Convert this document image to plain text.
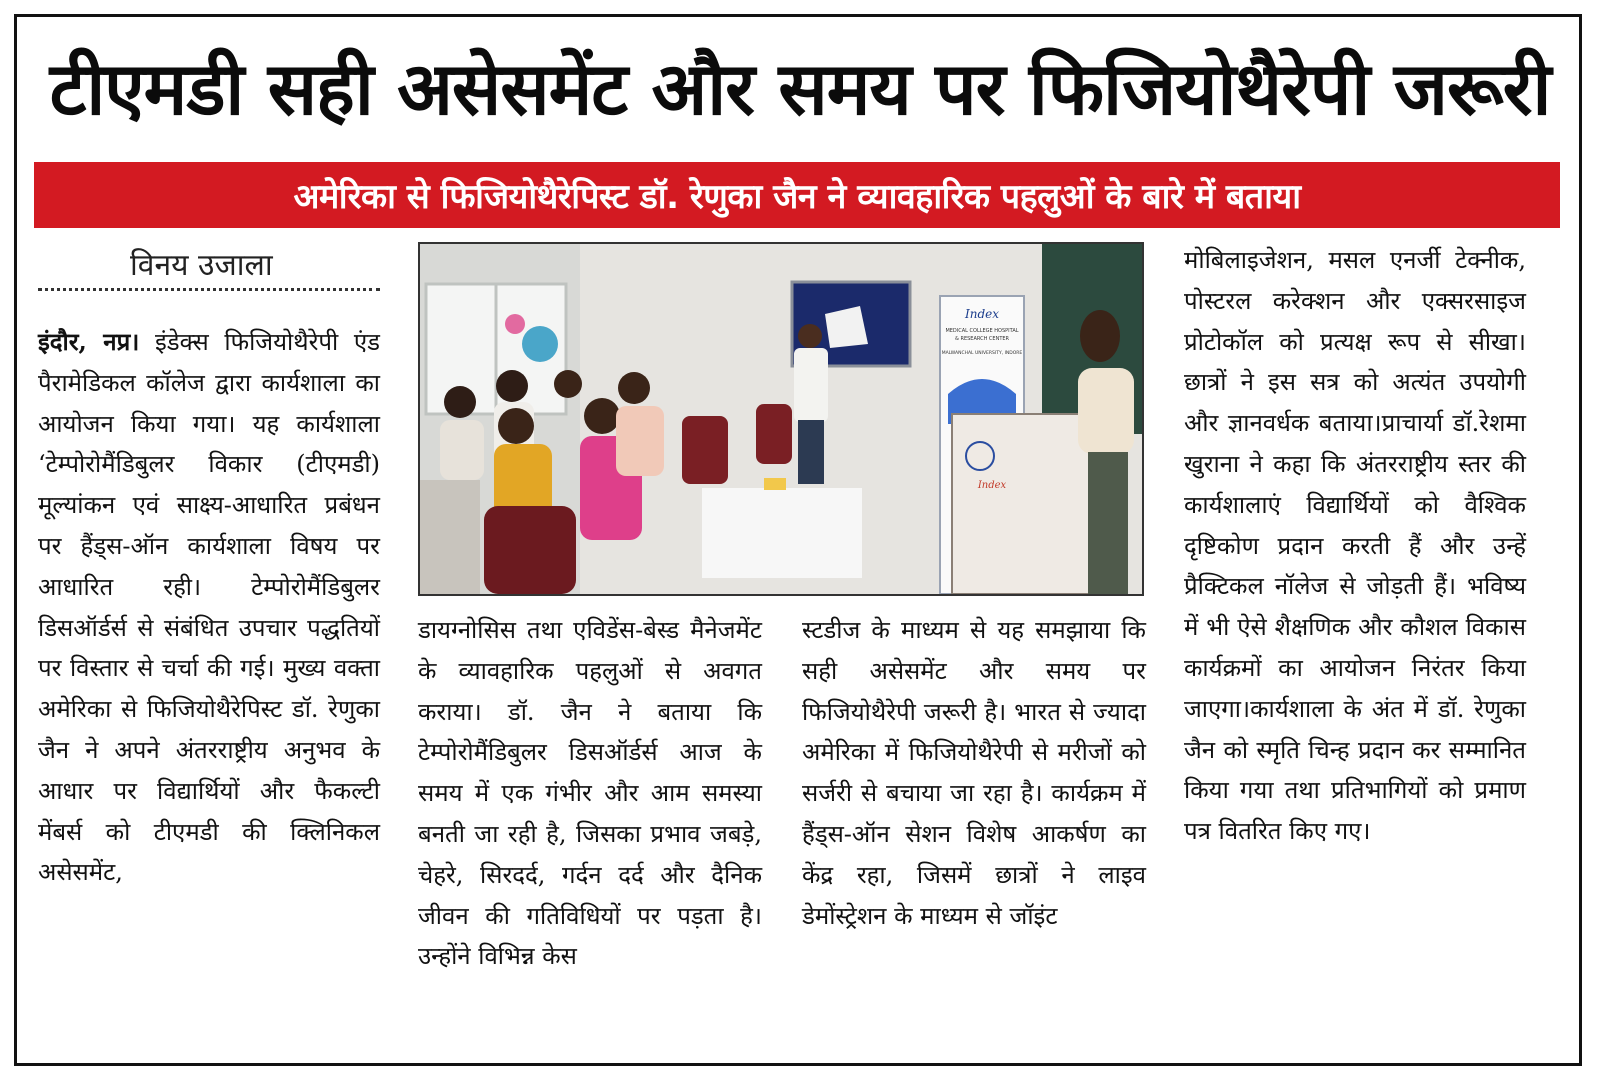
टीएमडी सही असेसमेंट और समय पर फिजियोथैरेपी जरूरी
अमेरिका से फिजियोथैरेपिस्ट डॉ. रेणुका जैन ने व्यावहारिक पहलुओं के बारे में बताया
विनय उजाला

इंदौर, नप्र। इंडेक्स फिजियोथैरेपी एंड पैरामेडिकल कॉलेज द्वारा कार्यशाला का आयोजन किया गया। यह कार्यशाला ‘टेम्पोरोमैंडिबुलर विकार (टीएमडी) मूल्यांकन एवं साक्ष्य-आधारित प्रबंधन पर हैंड्स-ऑन कार्यशाला विषय पर आधारित रही। टेम्पोरोमैंडिबुलर डिसऑर्डर्स से संबंधित उपचार पद्धतियों पर विस्तार से चर्चा की गई। मुख्य वक्ता अमेरिका से फिजियोथैरेपिस्ट डॉ. रेणुका जैन ने अपने अंतरराष्ट्रीय अनुभव के आधार पर विद्यार्थियों और फैकल्टी मेंबर्स को टीएमडी की क्लिनिकल असेसमेंट,

Index
MEDICAL COLLEGE HOSPITAL
& RESEARCH CENTER
MALWANCHAL UNIVERSITY, INDORE
Index

डायग्नोसिस तथा एविडेंस-बेस्ड मैनेजमेंट के व्यावहारिक पहलुओं से अवगत कराया। डॉ. जैन ने बताया कि टेम्पोरोमैंडिबुलर डिसऑर्डर्स आज के समय में एक गंभीर और आम समस्या बनती जा रही है, जिसका प्रभाव जबड़े, चेहरे, सिरदर्द, गर्दन दर्द और दैनिक जीवन की गतिविधियों पर पड़ता है। उन्होंने विभिन्न केस

स्टडीज के माध्यम से यह समझाया कि सही असेसमेंट और समय पर फिजियोथैरेपी जरूरी है। भारत से ज्यादा अमेरिका में फिजियोथैरेपी से मरीजों को सर्जरी से बचाया जा रहा है। कार्यक्रम में हैंड्स-ऑन सेशन विशेष आकर्षण का केंद्र रहा, जिसमें छात्रों ने लाइव डेमोंस्ट्रेशन के माध्यम से जॉइंट

मोबिलाइजेशन, मसल एनर्जी टेक्नीक, पोस्टरल करेक्शन और एक्सरसाइज प्रोटोकॉल को प्रत्यक्ष रूप से सीखा। छात्रों ने इस सत्र को अत्यंत उपयोगी और ज्ञानवर्धक बताया।प्राचार्या डॉ.रेशमा खुराना ने कहा कि अंतरराष्ट्रीय स्तर की कार्यशालाएं विद्यार्थियों को वैश्विक दृष्टिकोण प्रदान करती हैं और उन्हें प्रैक्टिकल नॉलेज से जोड़ती हैं। भविष्य में भी ऐसे शैक्षणिक और कौशल विकास कार्यक्रमों का आयोजन निरंतर किया जाएगा।कार्यशाला के अंत में डॉ. रेणुका जैन को स्मृति चिन्ह प्रदान कर सम्मानित किया गया तथा प्रतिभागियों को प्रमाण पत्र वितरित किए गए।
